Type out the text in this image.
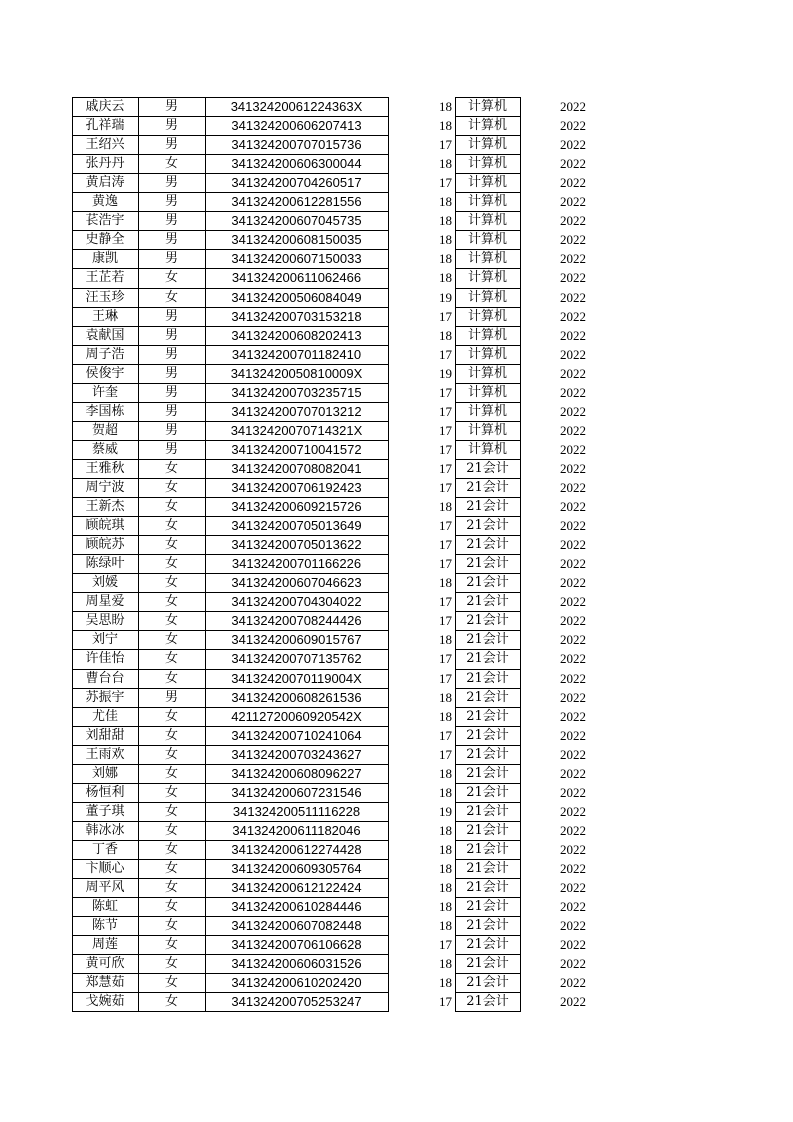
戚庆云	男	34132420061224363X	18	计算机	2022
孔祥瑞	男	341324200606207413	18	计算机	2022
王绍兴	男	341324200707015736	17	计算机	2022
张丹丹	女	341324200606300044	18	计算机	2022
黄启涛	男	341324200704260517	17	计算机	2022
黄逸	男	341324200612281556	18	计算机	2022
苌浩宇	男	341324200607045735	18	计算机	2022
史静全	男	341324200608150035	18	计算机	2022
康凯	男	341324200607150033	18	计算机	2022
王芷若	女	341324200611062466	18	计算机	2022
汪玉珍	女	341324200506084049	19	计算机	2022
王琳	男	341324200703153218	17	计算机	2022
袁献国	男	341324200608202413	18	计算机	2022
周子浩	男	341324200701182410	17	计算机	2022
侯俊宇	男	34132420050810009X	19	计算机	2022
许奎	男	341324200703235715	17	计算机	2022
李国栋	男	341324200707013212	17	计算机	2022
贺超	男	34132420070714321X	17	计算机	2022
蔡威	男	341324200710041572	17	计算机	2022
王雅秋	女	341324200708082041	17	21会计	2022
周宁波	女	341324200706192423	17	21会计	2022
王新杰	女	341324200609215726	18	21会计	2022
顾皖琪	女	341324200705013649	17	21会计	2022
顾皖苏	女	341324200705013622	17	21会计	2022
陈绿叶	女	341324200701166226	17	21会计	2022
刘媛	女	341324200607046623	18	21会计	2022
周星爱	女	341324200704304022	17	21会计	2022
吴思盼	女	341324200708244426	17	21会计	2022
刘宁	女	341324200609015767	18	21会计	2022
许佳怡	女	341324200707135762	17	21会计	2022
曹台台	女	34132420070119004X	17	21会计	2022
苏振宇	男	341324200608261536	18	21会计	2022
尤佳	女	42112720060920542X	18	21会计	2022
刘甜甜	女	341324200710241064	17	21会计	2022
王雨欢	女	341324200703243627	17	21会计	2022
刘娜	女	341324200608096227	18	21会计	2022
杨恒利	女	341324200607231546	18	21会计	2022
董子琪	女	341324200511116228	19	21会计	2022
韩冰冰	女	341324200611182046	18	21会计	2022
丁香	女	341324200612274428	18	21会计	2022
卞顺心	女	341324200609305764	18	21会计	2022
周平风	女	341324200612122424	18	21会计	2022
陈虹	女	341324200610284446	18	21会计	2022
陈节	女	341324200607082448	18	21会计	2022
周莲	女	341324200706106628	17	21会计	2022
黄可欣	女	341324200606031526	18	21会计	2022
郑慧茹	女	341324200610202420	18	21会计	2022
戈婉茹	女	341324200705253247	17	21会计	2022
